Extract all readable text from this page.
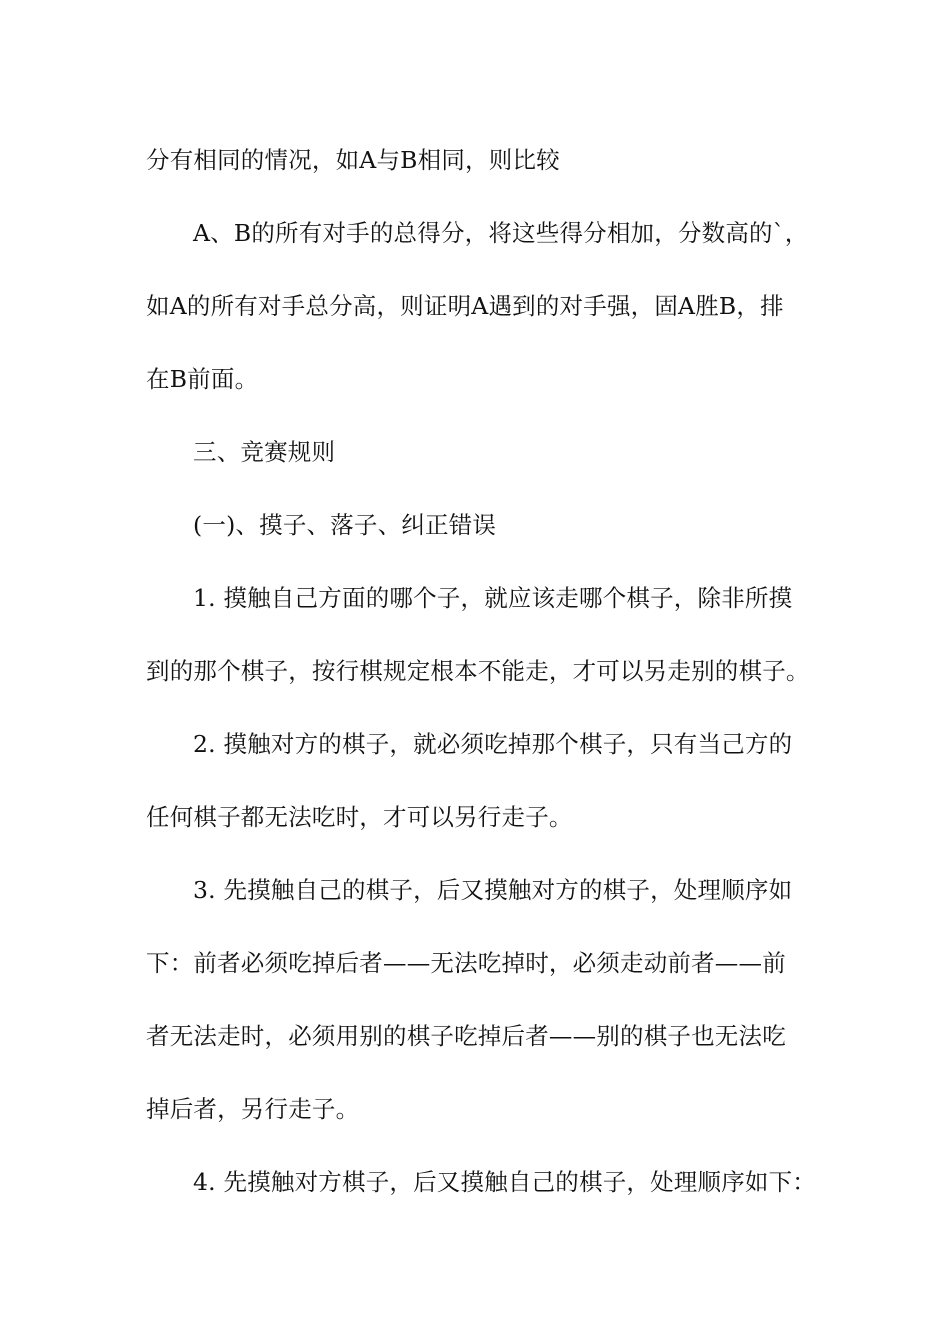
分有相同的情况，如A与B相同，则比较
A、B的所有对手的总得分，将这些得分相加，分数高的`，
如A的所有对手总分高，则证明A遇到的对手强，固A胜B，排
在B前面。
三、竞赛规则
(一)、摸子、落子、纠正错误
1. 摸触自己方面的哪个子，就应该走哪个棋子，除非所摸
到的那个棋子，按行棋规定根本不能走，才可以另走别的棋子。
2. 摸触对方的棋子，就必须吃掉那个棋子，只有当己方的
任何棋子都无法吃时，才可以另行走子。
3. 先摸触自己的棋子，后又摸触对方的棋子，处理顺序如
下：前者必须吃掉后者——无法吃掉时，必须走动前者——前
者无法走时，必须用别的棋子吃掉后者——别的棋子也无法吃
掉后者，另行走子。
4. 先摸触对方棋子，后又摸触自己的棋子，处理顺序如下：
